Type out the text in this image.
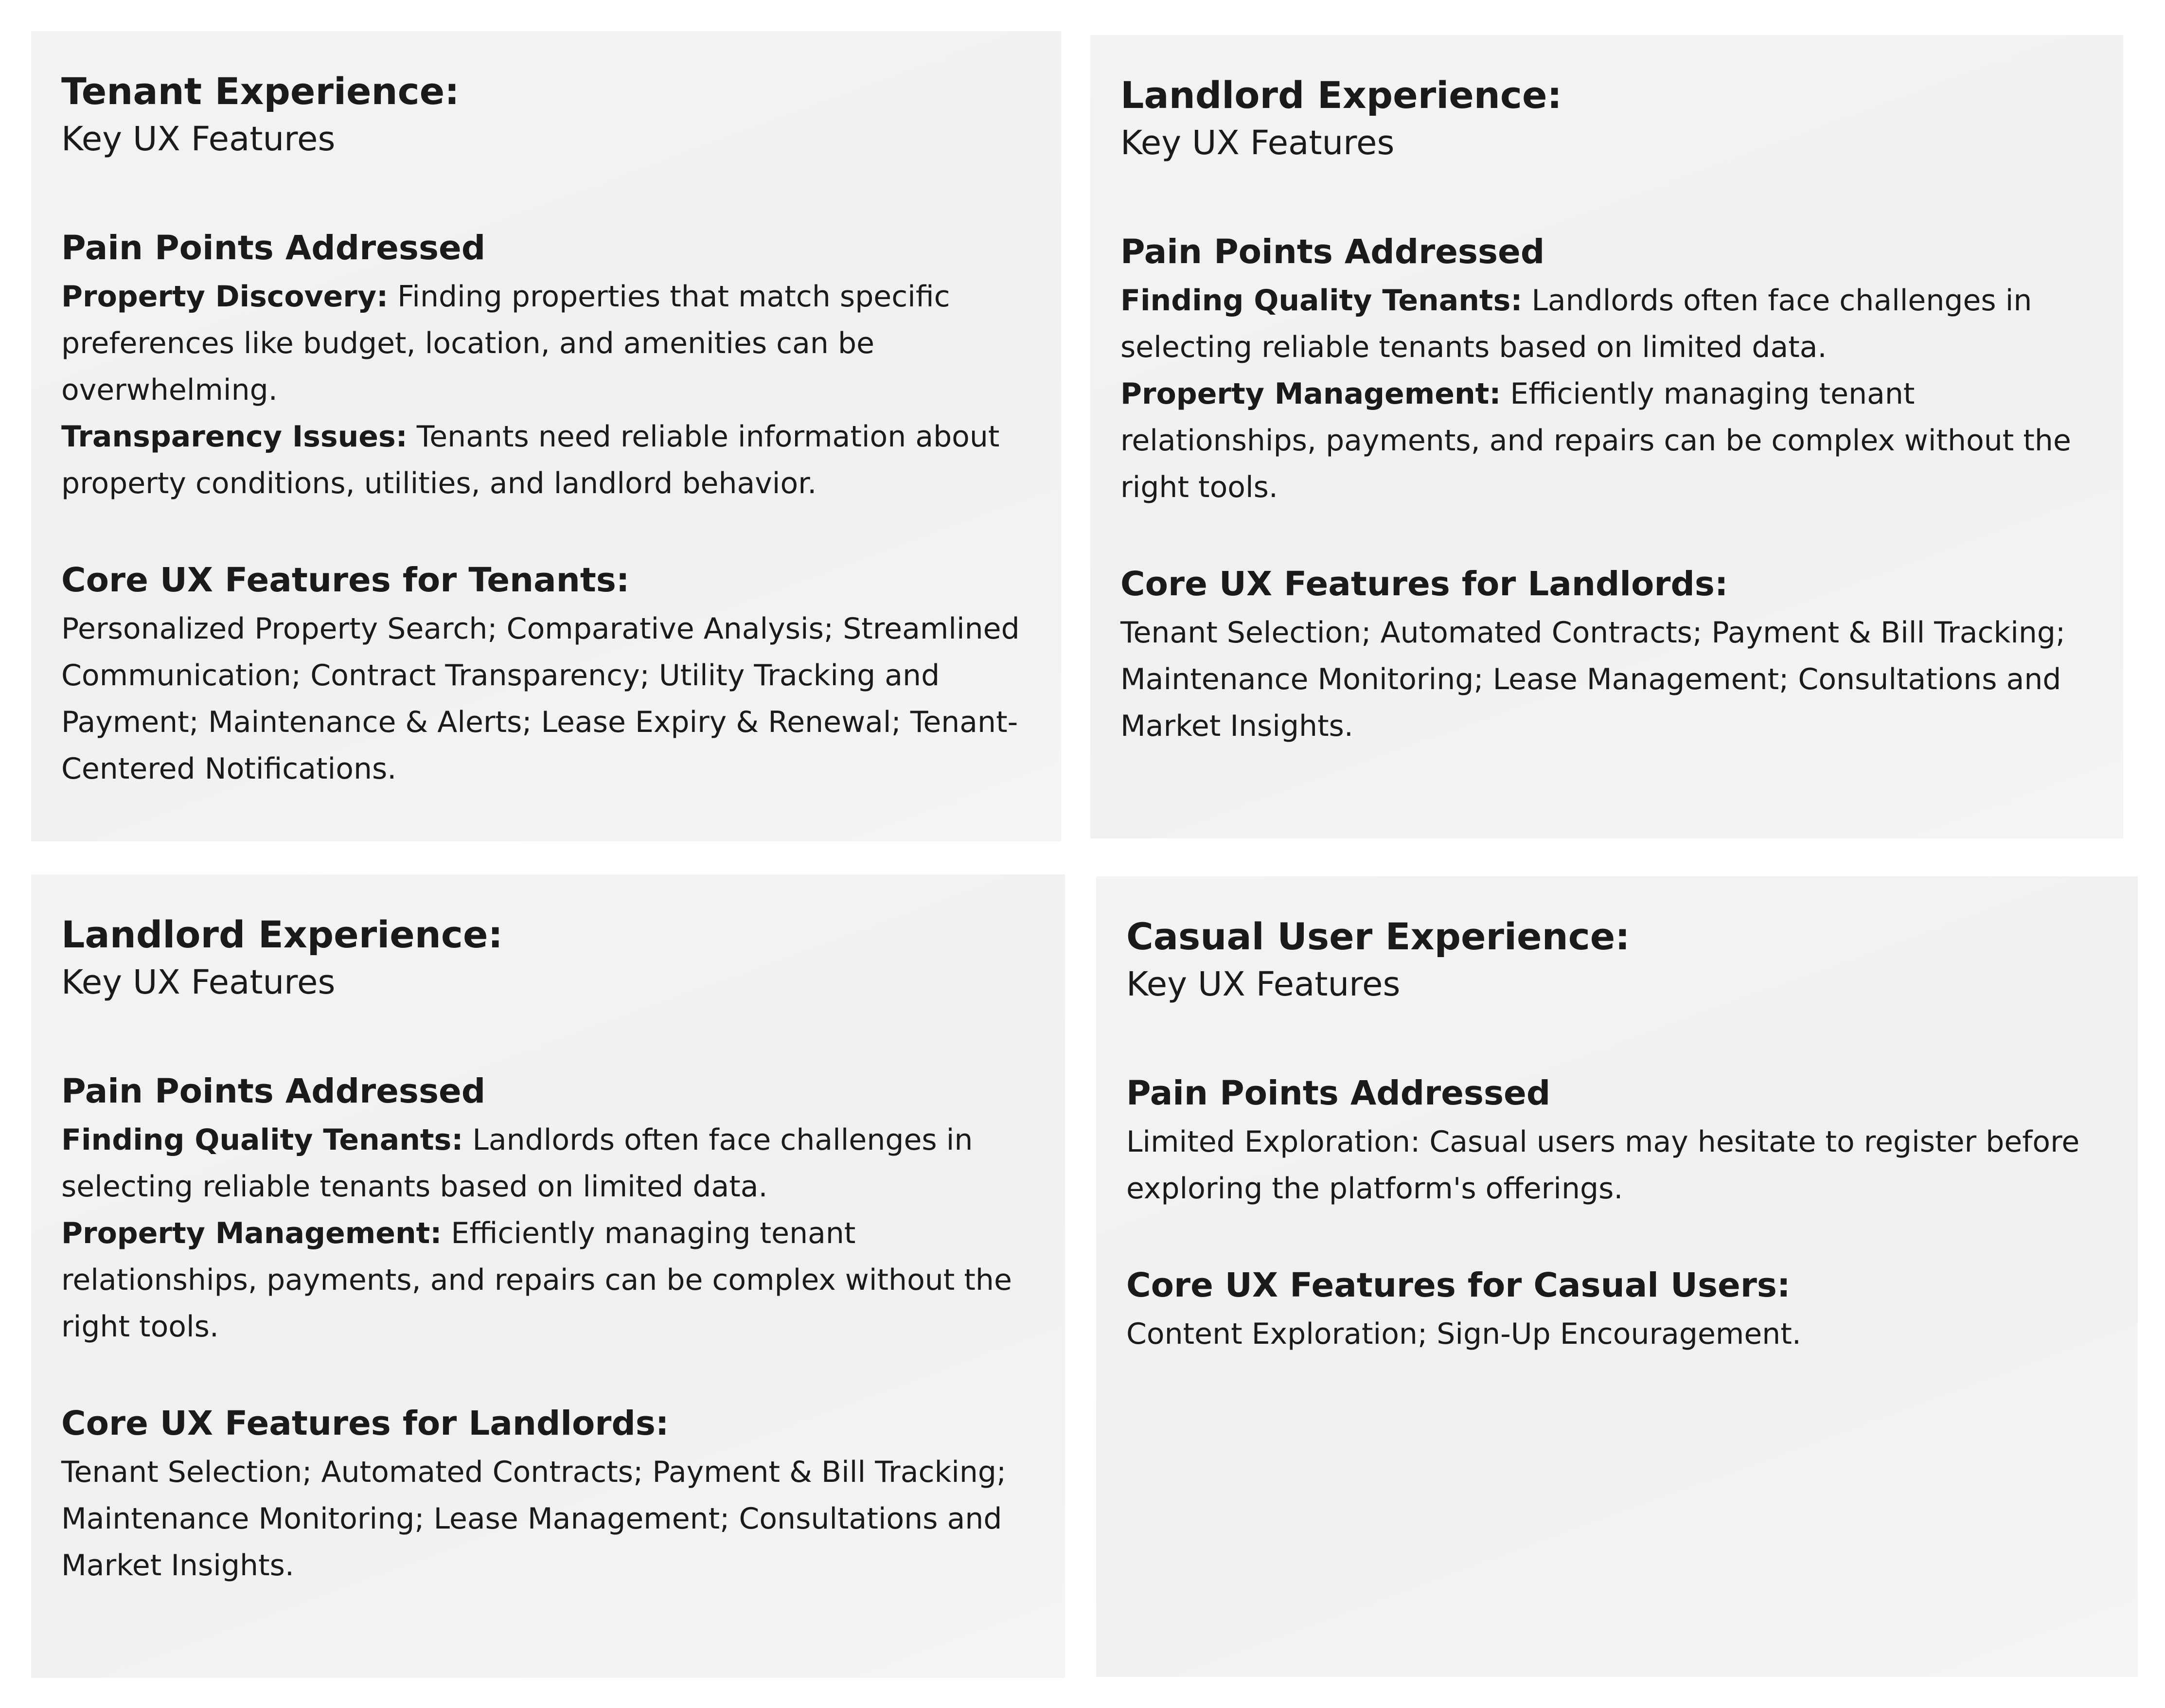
Tenant Experience:

Key UX Features

Pain Points Addressed

Property Discovery: Finding properties that match specific preferences like budget, location, and amenities can be overwhelming.

Transparency Issues: Tenants need reliable information about property conditions, utilities, and landlord behavior.

Core UX Features for Tenants:

Personalized Property Search; Comparative Analysis; Streamlined Communication; Contract Transparency; Utility Tracking and Payment; Maintenance & Alerts; Lease Expiry & Renewal; Tenant-Centered Notifications.

Landlord Experience:

Key UX Features

Pain Points Addressed

Finding Quality Tenants: Landlords often face challenges in selecting reliable tenants based on limited data.

Property Management: Efficiently managing tenant relationships, payments, and repairs can be complex without the right tools.

Core UX Features for Landlords:

Tenant Selection; Automated Contracts; Payment & Bill Tracking; Maintenance Monitoring; Lease Management; Consultations and Market Insights.

Landlord Experience:

Key UX Features

Pain Points Addressed

Finding Quality Tenants: Landlords often face challenges in selecting reliable tenants based on limited data.

Property Management: Efficiently managing tenant relationships, payments, and repairs can be complex without the right tools.

Core UX Features for Landlords:

Tenant Selection; Automated Contracts; Payment & Bill Tracking; Maintenance Monitoring; Lease Management; Consultations and Market Insights.

Casual User Experience:

Key UX Features

Pain Points Addressed

Limited Exploration: Casual users may hesitate to register before exploring the platform's offerings.

Core UX Features for Casual Users:

Content Exploration; Sign-Up Encouragement.
